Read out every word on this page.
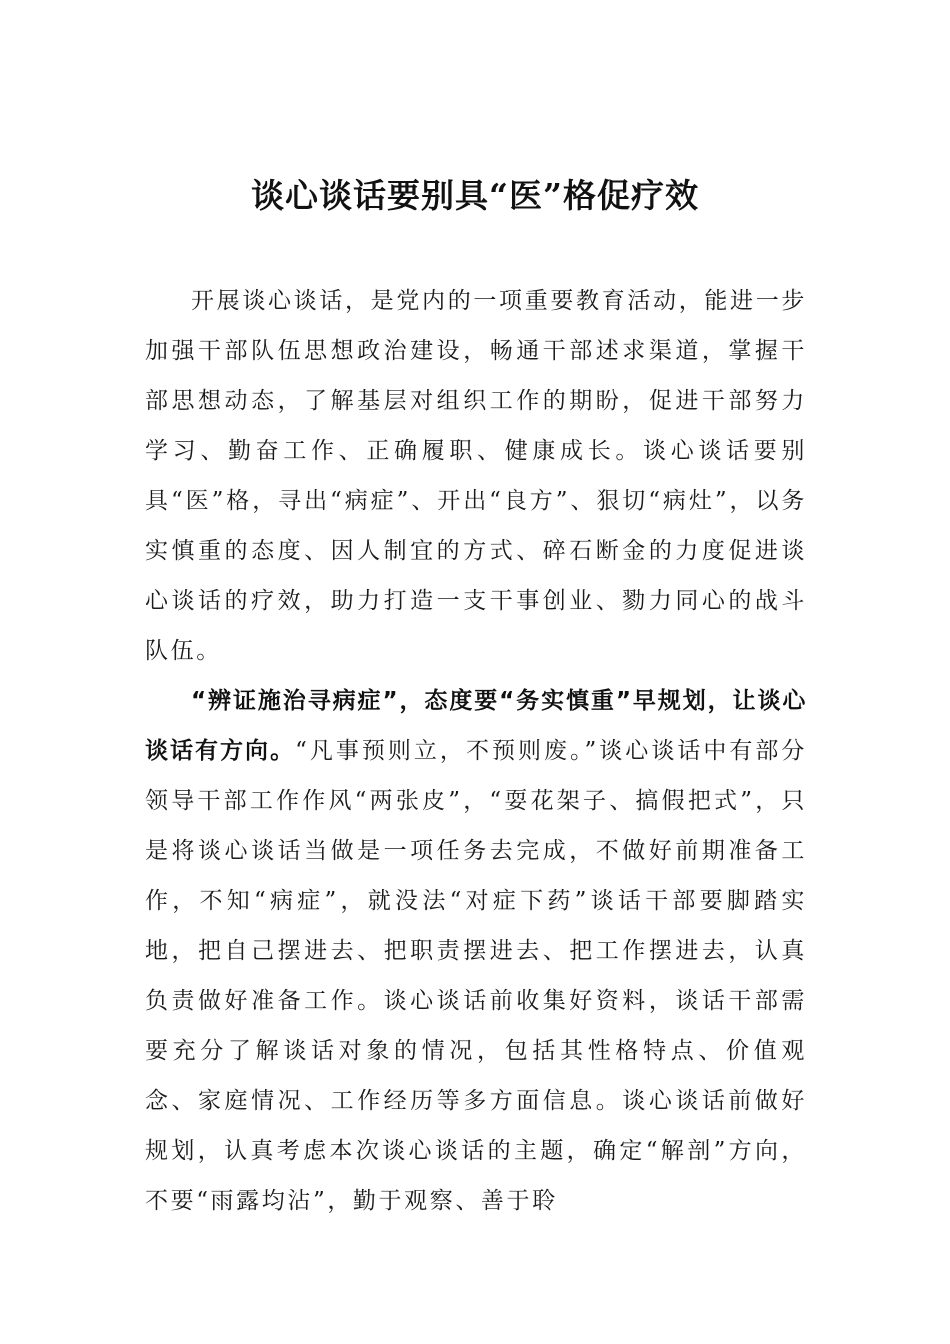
谈心谈话要别具“医”格促疗效

开展谈心谈话，是党内的一项重要教育活动，能进一步加强干部队伍思想政治建设，畅通干部述求渠道，掌握干部思想动态，了解基层对组织工作的期盼，促进干部努力学习、勤奋工作、正确履职、健康成长。谈心谈话要别具“医”格，寻出“病症”、开出“良方”、狠切“病灶”，以务实慎重的态度、因人制宜的方式、碎石断金的力度促进谈心谈话的疗效，助力打造一支干事创业、勠力同心的战斗队伍。

“辨证施治寻病症”，态度要“务实慎重”早规划，让谈心谈话有方向。“凡事预则立，不预则废。”谈心谈话中有部分领导干部工作作风“两张皮”，“耍花架子、搞假把式”，只是将谈心谈话当做是一项任务去完成，不做好前期准备工作，不知“病症”，就没法“对症下药”谈话干部要脚踏实地，把自己摆进去、把职责摆进去、把工作摆进去，认真负责做好准备工作。谈心谈话前收集好资料，谈话干部需要充分了解谈话对象的情况，包括其性格特点、价值观念、家庭情况、工作经历等多方面信息。谈心谈话前做好规划，认真考虑本次谈心谈话的主题，确定“解剖”方向，不要“雨露均沾”，勤于观察、善于聆
